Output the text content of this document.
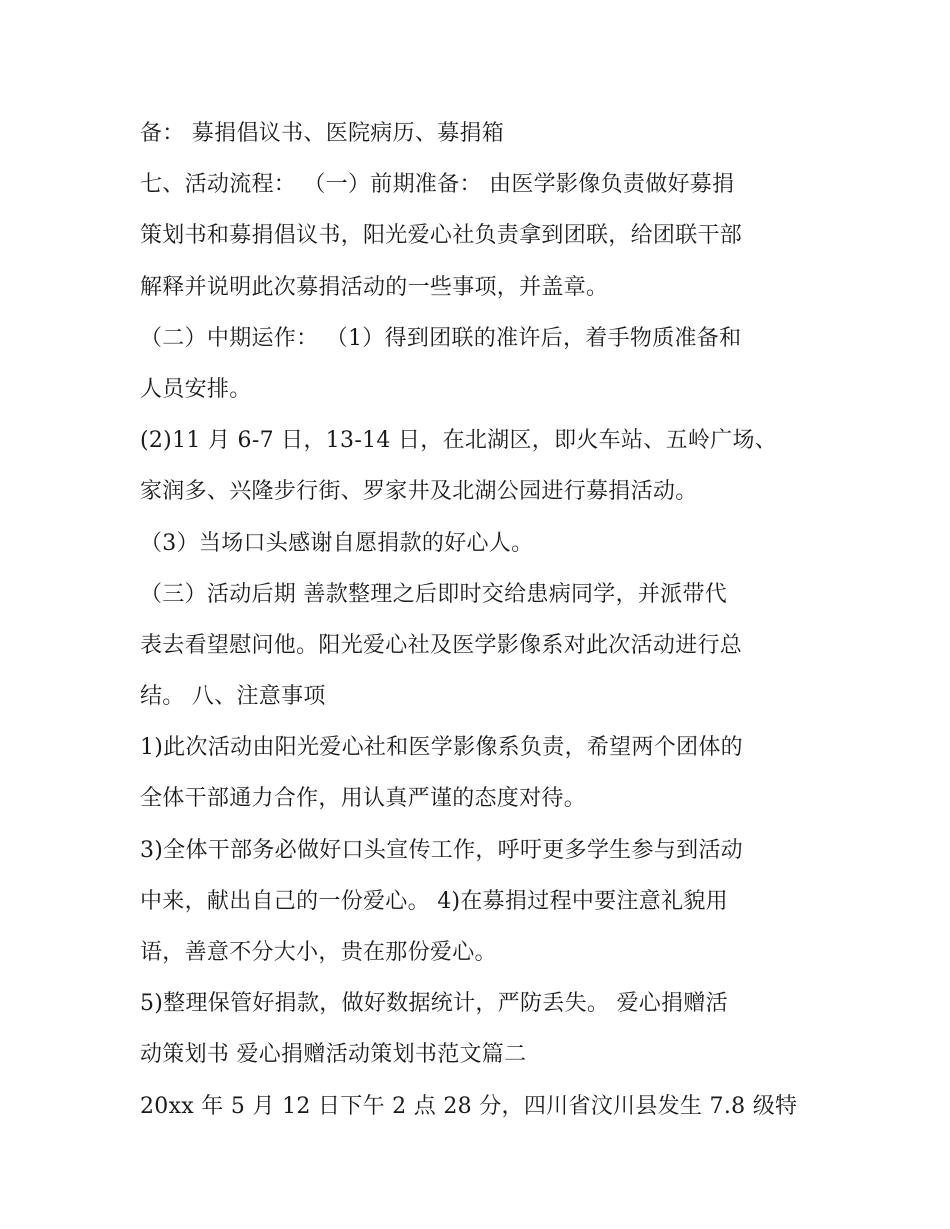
备： 募捐倡议书、医院病历、募捐箱
七、活动流程： （一）前期准备： 由医学影像负责做好募捐
策划书和募捐倡议书，阳光爱心社负责拿到团联，给团联干部
解释并说明此次募捐活动的一些事项，并盖章。
（二）中期运作： （1）得到团联的准许后，着手物质准备和
人员安排。
(2)11 月 6-7 日，13-14 日，在北湖区，即火车站、五岭广场、
家润多、兴隆步行街、罗家井及北湖公园进行募捐活动。
（3）当场口头感谢自愿捐款的好心人。
（三）活动后期 善款整理之后即时交给患病同学，并派带代
表去看望慰问他。阳光爱心社及医学影像系对此次活动进行总
结。 八、注意事项
1)此次活动由阳光爱心社和医学影像系负责，希望两个团体的
全体干部通力合作，用认真严谨的态度对待。
3)全体干部务必做好口头宣传工作，呼吁更多学生参与到活动
中来，献出自己的一份爱心。 4)在募捐过程中要注意礼貌用
语，善意不分大小，贵在那份爱心。
5)整理保管好捐款，做好数据统计，严防丢失。 爱心捐赠活
动策划书 爱心捐赠活动策划书范文篇二
20xx 年 5 月 12 日下午 2 点 28 分，四川省汶川县发生 7.8 级特
